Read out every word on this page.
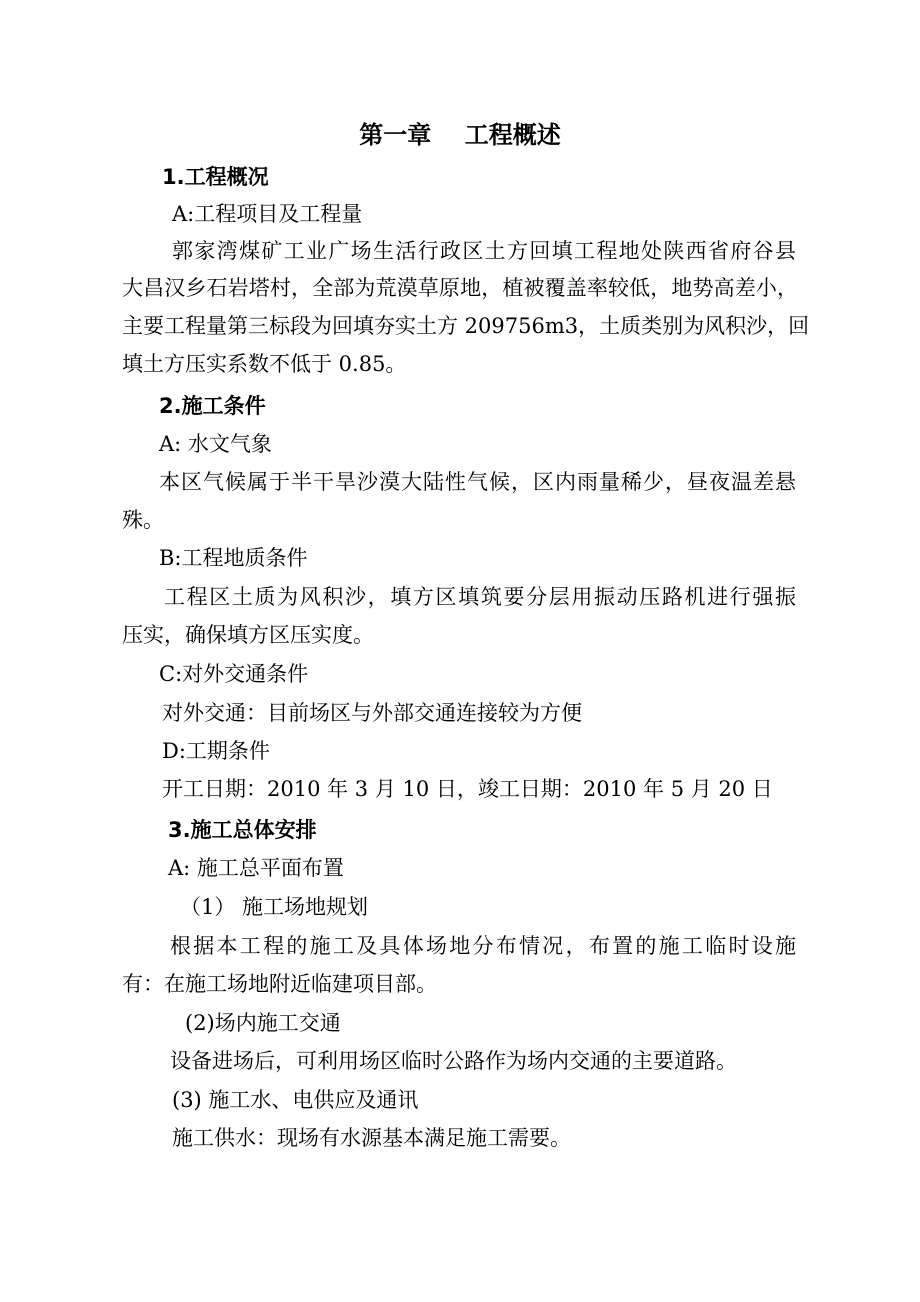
第一章    工程概述
1.工程概况
A:工程项目及工程量
郭家湾煤矿工业广场生活行政区土方回填工程地处陕西省府谷县
大昌汉乡石岩塔村，全部为荒漠草原地，植被覆盖率较低，地势高差小，
主要工程量第三标段为回填夯实土方 209756m3，土质类别为风积沙，回
填土方压实系数不低于 0.85。
2.施工条件
A: 水文气象
本区气候属于半干旱沙漠大陆性气候，区内雨量稀少，昼夜温差悬
殊。
B:工程地质条件
工程区土质为风积沙，填方区填筑要分层用振动压路机进行强振
压实，确保填方区压实度。
C:对外交通条件
对外交通：目前场区与外部交通连接较为方便
D:工期条件
开工日期：2010 年 3 月 10 日，竣工日期：2010 年 5 月 20 日
3.施工总体安排
A: 施工总平面布置
（1） 施工场地规划
根据本工程的施工及具体场地分布情况，布置的施工临时设施
有：在施工场地附近临建项目部。
(2)场内施工交通
设备进场后，可利用场区临时公路作为场内交通的主要道路。
(3) 施工水、电供应及通讯
施工供水：现场有水源基本满足施工需要。
